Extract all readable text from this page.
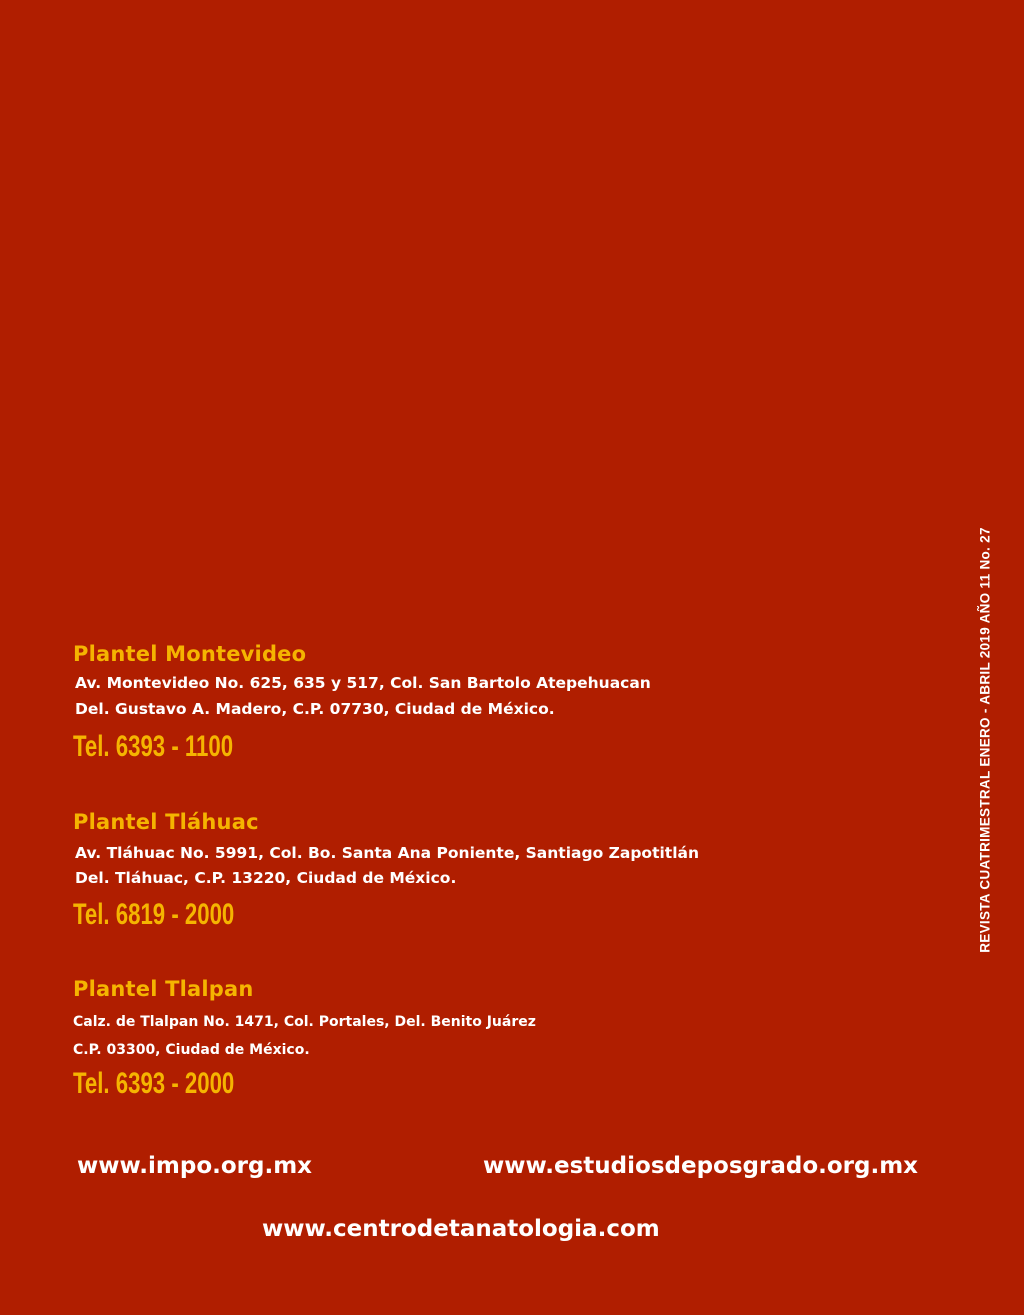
Plantel Montevideo
Av. Montevideo No. 625, 635 y 517, Col. San Bartolo Atepehuacan
Del. Gustavo A. Madero, C.P. 07730, Ciudad de México.
Tel. 6393 - 1100
Plantel Tláhuac
Av. Tláhuac No. 5991, Col. Bo. Santa Ana Poniente, Santiago Zapotitlán
Del. Tláhuac, C.P. 13220, Ciudad de México.
Tel. 6819 - 2000
Plantel Tlalpan
Calz. de Tlalpan No. 1471, Col. Portales, Del. Benito Juárez
C.P. 03300, Ciudad de México.
Tel. 6393 - 2000
www.impo.org.mx	www.estudiosdeposgrado.org.mx
www.centrodetanatologia.com
REVISTA CUATRIMESTRAL ENERO - ABRIL 2019 AÑO 11 No. 27
